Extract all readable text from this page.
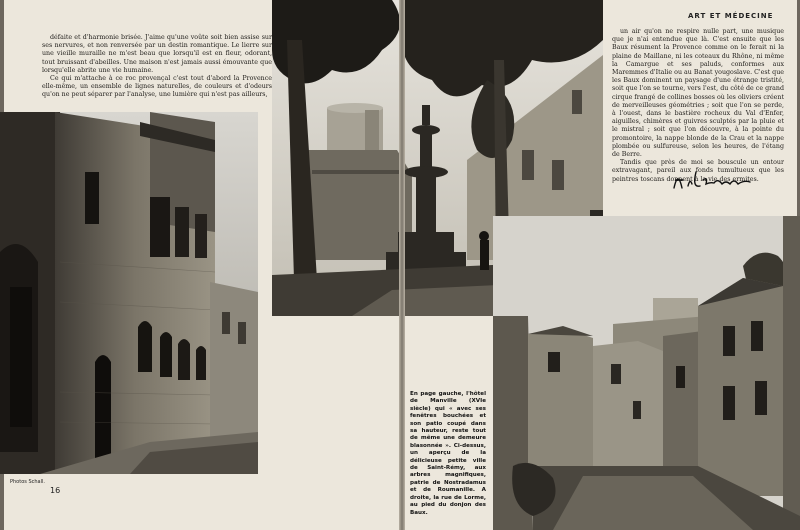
défaite et d'harmonie brisée. J'aime qu'une voûte soit bien assise sur ses nervures, et non renversée par un destin romantique. Le lierre sur une vieille muraille ne m'est beau que lorsqu'il est en fleur, odorant, tout bruissant d'abeilles. Une maison n'est jamais aussi émouvante que lorsqu'elle abrite une vie humaine.

Ce qui m'attache à ce roc provençal c'est tout d'abord la Provence elle-même, un ensemble de lignes naturelles, de couleurs et d'odeurs qu'on ne peut séparer par l'analyse, une lumière qui n'est pas ailleurs,

ART ET MÉDECINE

un air qu'on ne respire nulle part, une musique que je n'ai entendue que là. C'est ensuite que les Baux résument la Provence comme on le ferait ni la plaine de Maillane, ni les coteaux du Rhône, ni même la Camargue et ses paluds, conformes aux Maremmes d'Italie ou au Banat yougoslave. C'est que les Baux dominent un paysage d'une étrange tristité, soit que l'on se tourne, vers l'est, du côté de ce grand cirque frangé de collines bosses où les oliviers créent de merveilleuses géométries ; soit que l'on se perde, à l'ouest, dans le bastière rocheux du Val d'Enfer, aiguilles, chimères et guivres sculptés par la pluie et le mistral ; soit que l'on découvre, à la pointe du promontoire, la nappe blonde de la Crau et la nappe plombée ou sulfureuse, selon les heures, de l'étang de Berre.

Tandis que près de moi se bouscule un entour extravagant, pareil aux fonds tumultueux que les peintres toscans donnent à la vie des ermites.

En page gauche, l'hôtel de Manville (XVIe siècle) qui « avec ses fenêtres bouchées et son patio coupé dans sa hauteur, reste tout de même une demeure blasonnée ». Ci-dessus, un aperçu de la délicieuse petite ville de Saint-Rémy, aux arbres magnifiques, patrie de Nostradamus et de Roumanille. A droite, la rue de Lorme, au pied du donjon des Baux.
Photos Schall.
16
